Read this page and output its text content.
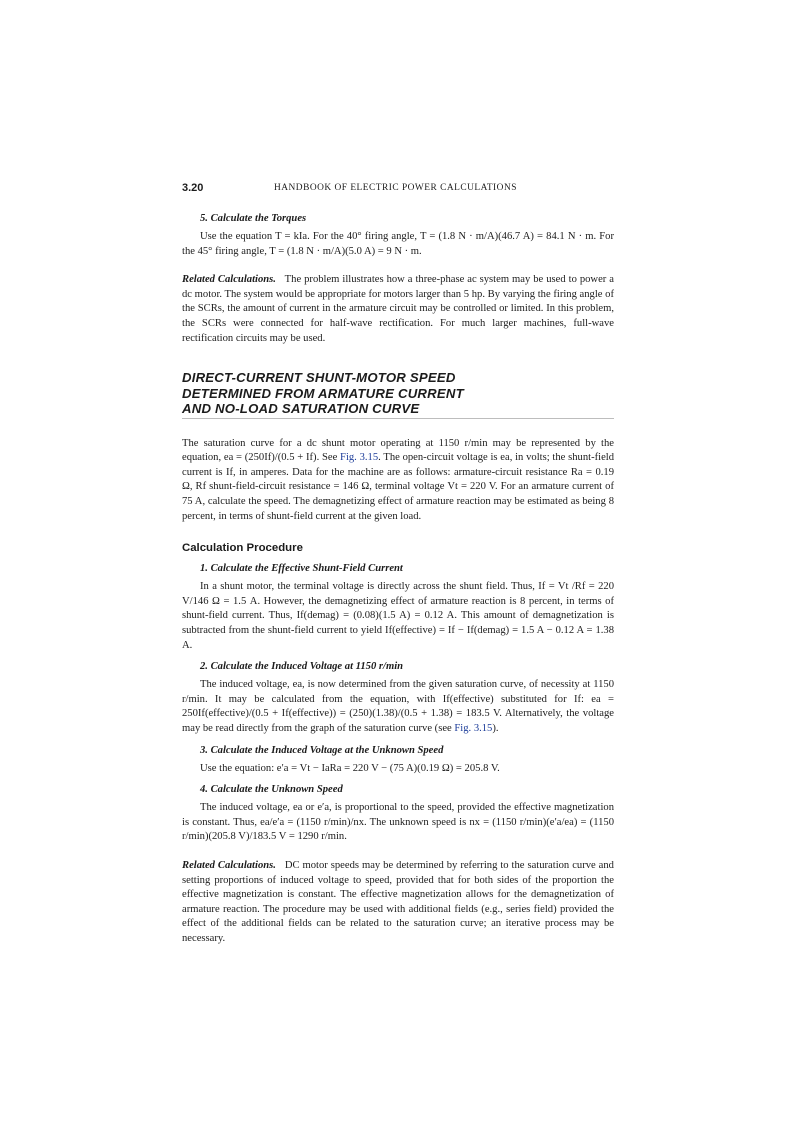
3.20	HANDBOOK OF ELECTRIC POWER CALCULATIONS
5. Calculate the Torques

Use the equation T = kIa. For the 40° firing angle, T = (1.8 N · m/A)(46.7 A) = 84.1 N · m. For the 45° firing angle, T = (1.8 N · m/A)(5.0 A) = 9 N · m.

Related Calculations. The problem illustrates how a three-phase ac system may be used to power a dc motor. The system would be appropriate for motors larger than 5 hp. By varying the firing angle of the SCRs, the amount of current in the armature circuit may be controlled or limited. In this problem, the SCRs were connected for half-wave rectification. For much larger machines, full-wave rectification circuits may be used.

DIRECT-CURRENT SHUNT-MOTOR SPEED
DETERMINED FROM ARMATURE CURRENT
AND NO-LOAD SATURATION CURVE

The saturation curve for a dc shunt motor operating at 1150 r/min may be represented by the equation, ea = (250If)/(0.5 + If). See Fig. 3.15. The open-circuit voltage is ea, in volts; the shunt-field current is If, in amperes. Data for the machine are as follows: armature-circuit resistance Ra = 0.19 Ω, Rf shunt-field-circuit resistance = 146 Ω, terminal voltage Vt = 220 V. For an armature current of 75 A, calculate the speed. The demagnetizing effect of armature reaction may be estimated as being 8 percent, in terms of shunt-field current at the given load.

Calculation Procedure
1. Calculate the Effective Shunt-Field Current

In a shunt motor, the terminal voltage is directly across the shunt field. Thus, If = Vt /Rf = 220 V/146 Ω = 1.5 A. However, the demagnetizing effect of armature reaction is 8 percent, in terms of shunt-field current. Thus, If(demag) = (0.08)(1.5 A) = 0.12 A. This amount of demagnetization is subtracted from the shunt-field current to yield If(effective) = If − If(demag) = 1.5 A − 0.12 A = 1.38 A.

2. Calculate the Induced Voltage at 1150 r/min

The induced voltage, ea, is now determined from the given saturation curve, of necessity at 1150 r/min. It may be calculated from the equation, with If(effective) substituted for If: ea = 250If(effective)/(0.5 + If(effective)) = (250)(1.38)/(0.5 + 1.38) = 183.5 V. Alternatively, the voltage may be read directly from the graph of the saturation curve (see Fig. 3.15).

3. Calculate the Induced Voltage at the Unknown Speed

Use the equation: e′a = Vt − IaRa = 220 V − (75 A)(0.19 Ω) = 205.8 V.

4. Calculate the Unknown Speed

The induced voltage, ea or e′a, is proportional to the speed, provided the effective magnetization is constant. Thus, ea/e′a = (1150 r/min)/nx. The unknown speed is nx = (1150 r/min)(e′a/ea) = (1150 r/min)(205.8 V)/183.5 V = 1290 r/min.

Related Calculations. DC motor speeds may be determined by referring to the saturation curve and setting proportions of induced voltage to speed, provided that for both sides of the proportion the effective magnetization is constant. The effective magnetization allows for the demagnetization of armature reaction. The procedure may be used with additional fields (e.g., series field) provided the effect of the additional fields can be related to the saturation curve; an iterative process may be necessary.
